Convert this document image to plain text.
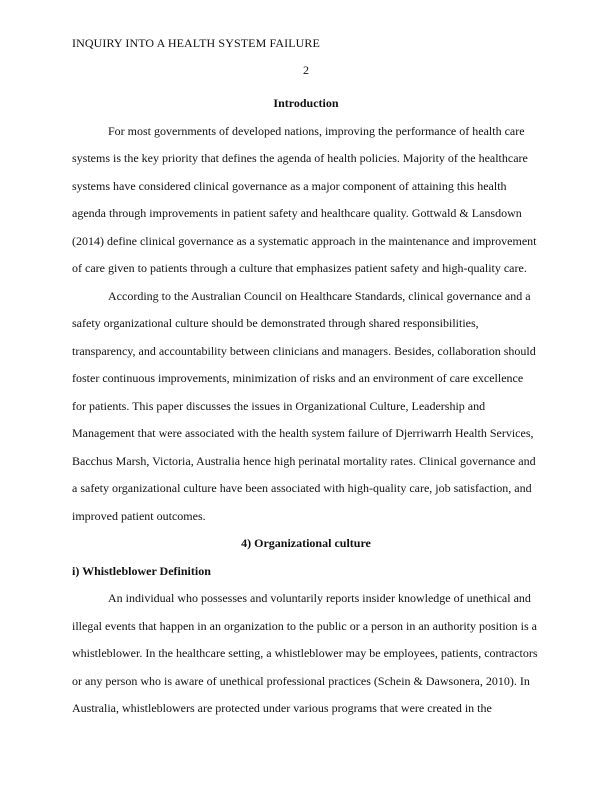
INQUIRY INTO A HEALTH SYSTEM FAILURE
2

Introduction

For most governments of developed nations, improving the performance of health care systems is the key priority that defines the agenda of health policies. Majority of the healthcare systems have considered clinical governance as a major component of attaining this health agenda through improvements in patient safety and healthcare quality. Gottwald & Lansdown (2014) define clinical governance as a systematic approach in the maintenance and improvement of care given to patients through a culture that emphasizes patient safety and high-quality care.

According to the Australian Council on Healthcare Standards, clinical governance and a safety organizational culture should be demonstrated through shared responsibilities, transparency, and accountability between clinicians and managers. Besides, collaboration should foster continuous improvements, minimization of risks and an environment of care excellence for patients. This paper discusses the issues in Organizational Culture, Leadership and Management that were associated with the health system failure of Djerriwarrh Health Services, Bacchus Marsh, Victoria, Australia hence high perinatal mortality rates. Clinical governance and a safety organizational culture have been associated with high-quality care, job satisfaction, and improved patient outcomes.

4) Organizational culture

i) Whistleblower Definition

An individual who possesses and voluntarily reports insider knowledge of unethical and illegal events that happen in an organization to the public or a person in an authority position is a whistleblower. In the healthcare setting, a whistleblower may be employees, patients, contractors or any person who is aware of unethical professional practices (Schein & Dawsonera, 2010). In Australia, whistleblowers are protected under various programs that were created in the
